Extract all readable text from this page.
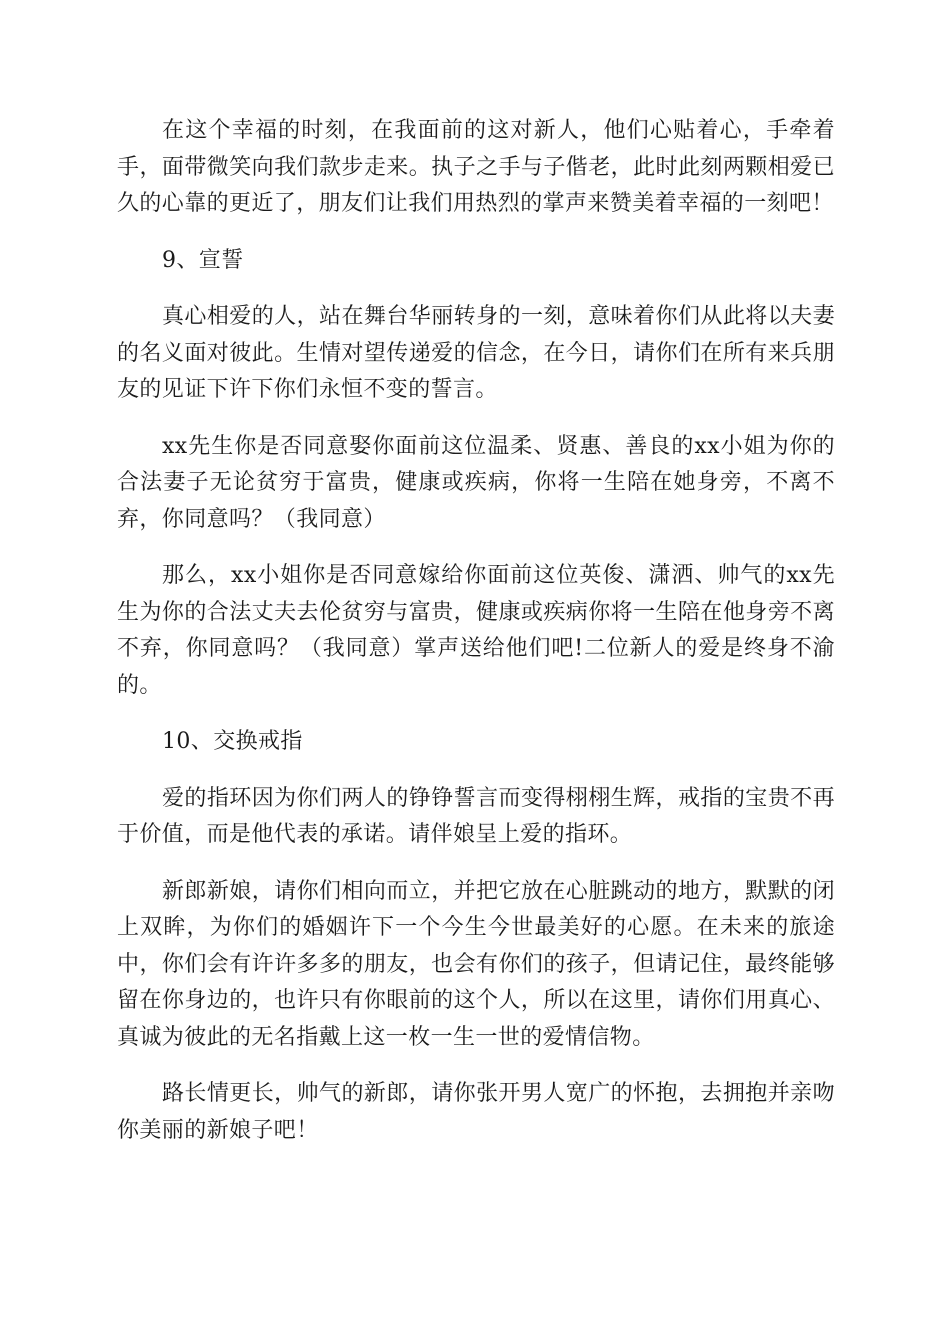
在这个幸福的时刻，在我面前的这对新人，他们心贴着心，手牵着手，面带微笑向我们款步走来。执子之手与子偕老，此时此刻两颗相爱已久的心靠的更近了，朋友们让我们用热烈的掌声来赞美着幸福的一刻吧！

9、宣誓

真心相爱的人，站在舞台华丽转身的一刻，意味着你们从此将以夫妻的名义面对彼此。生情对望传递爱的信念，在今日，请你们在所有来兵朋友的见证下许下你们永恒不变的誓言。

xx先生你是否同意娶你面前这位温柔、贤惠、善良的xx小姐为你的合法妻子无论贫穷于富贵，健康或疾病，你将一生陪在她身旁，不离不弃，你同意吗？（我同意）

那么，xx小姐你是否同意嫁给你面前这位英俊、潇洒、帅气的xx先生为你的合法丈夫去伦贫穷与富贵，健康或疾病你将一生陪在他身旁不离不弃，你同意吗？（我同意）掌声送给他们吧!二位新人的爱是终身不渝的。

10、交换戒指

爱的指环因为你们两人的铮铮誓言而变得栩栩生辉，戒指的宝贵不再于价值，而是他代表的承诺。请伴娘呈上爱的指环。

新郎新娘，请你们相向而立，并把它放在心脏跳动的地方，默默的闭上双眸，为你们的婚姻许下一个今生今世最美好的心愿。在未来的旅途中，你们会有许许多多的朋友，也会有你们的孩子，但请记住，最终能够留在你身边的，也许只有你眼前的这个人，所以在这里，请你们用真心、真诚为彼此的无名指戴上这一枚一生一世的爱情信物。

路长情更长，帅气的新郎，请你张开男人宽广的怀抱，去拥抱并亲吻你美丽的新娘子吧！
